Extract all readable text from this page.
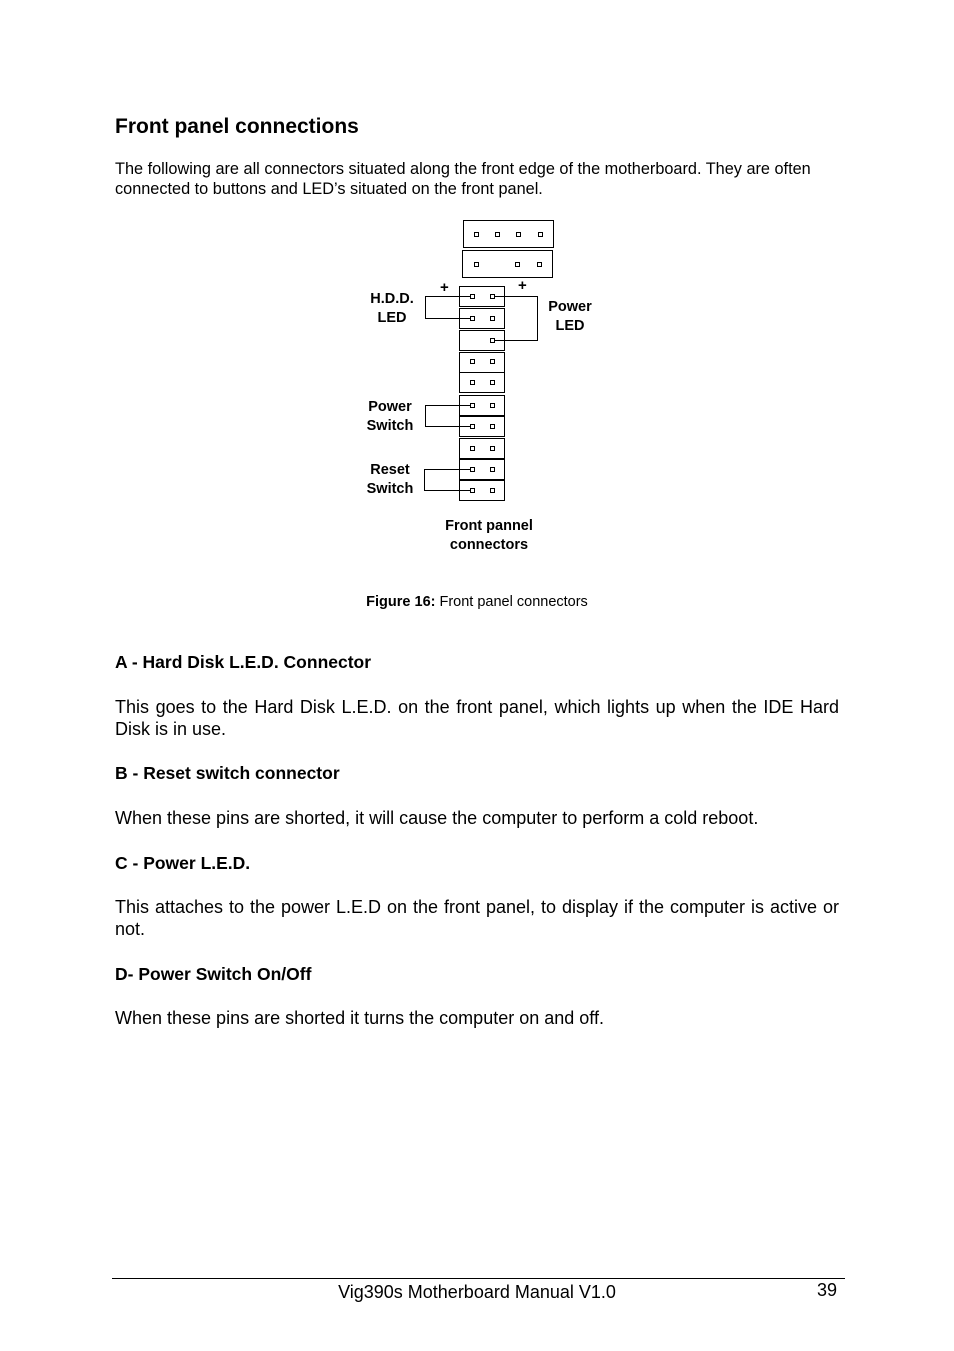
Front panel connections

The following are all connectors situated along the front edge of the motherboard. They are often connected to buttons and LED’s situated on the front panel.

+	+
H.D.D.
LED
Power
LED
Power
Switch
Reset
Switch
Front pannel
connectors
Figure 16: Front panel connectors
A - Hard Disk L.E.D. Connector

This goes to the Hard Disk L.E.D. on the front panel, which lights up when the IDE Hard Disk is in use.

B - Reset switch connector

When these pins are shorted, it will cause the computer to perform a cold reboot.

C - Power L.E.D.

This attaches to the power L.E.D on the front panel, to display if the computer is active or not.

D- Power Switch On/Off

When these pins are shorted it turns the computer on and off.

Vig390s Motherboard Manual V1.0	39
